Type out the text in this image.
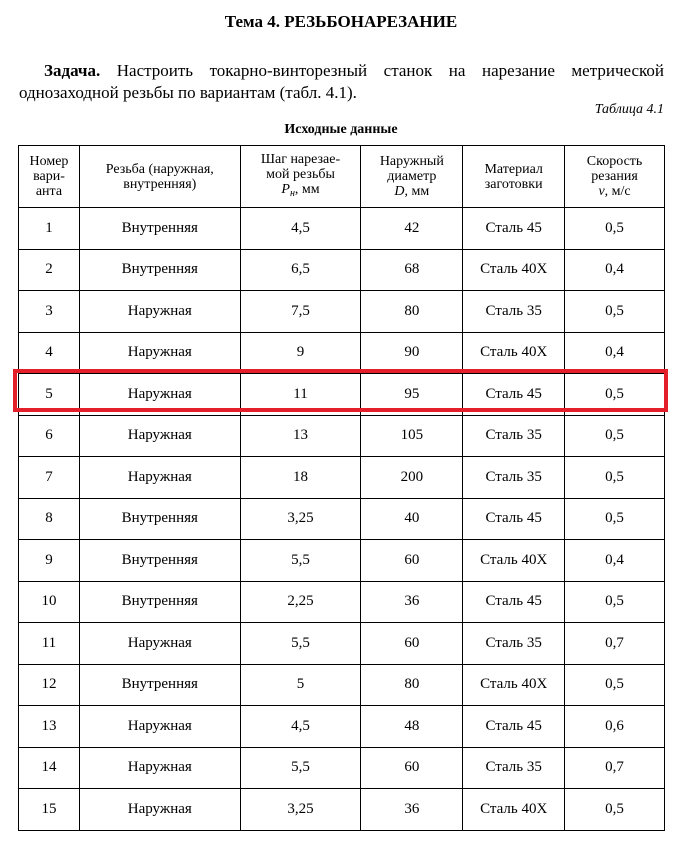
Тема 4. РЕЗЬБОНАРЕЗАНИЕ

Задача. Настроить токарно-винторезный станок на нарезание метрической однозаходной резьбы по вариантам (табл. 4.1).

Таблица 4.1

Исходные данные

Номер
вари-
анта	Резьба (наружная,
внутренняя)	Шаг нарезае-
мой резьбы
$P_н$, мм	Наружный
диаметр
D, мм	Материал
заготовки	Скорость
резания
v, м/с
1	Внутренняя	4,5	42	Сталь 45	0,5
2	Внутренняя	6,5	68	Сталь 40Х	0,4
3	Наружная	7,5	80	Сталь 35	0,5
4	Наружная	9	90	Сталь 40Х	0,4
5	Наружная	11	95	Сталь 45	0,5
6	Наружная	13	105	Сталь 35	0,5
7	Наружная	18	200	Сталь 35	0,5
8	Внутренняя	3,25	40	Сталь 45	0,5
9	Внутренняя	5,5	60	Сталь 40Х	0,4
10	Внутренняя	2,25	36	Сталь 45	0,5
11	Наружная	5,5	60	Сталь 35	0,7
12	Внутренняя	5	80	Сталь 40Х	0,5
13	Наружная	4,5	48	Сталь 45	0,6
14	Наружная	5,5	60	Сталь 35	0,7
15	Наружная	3,25	36	Сталь 40Х	0,5
